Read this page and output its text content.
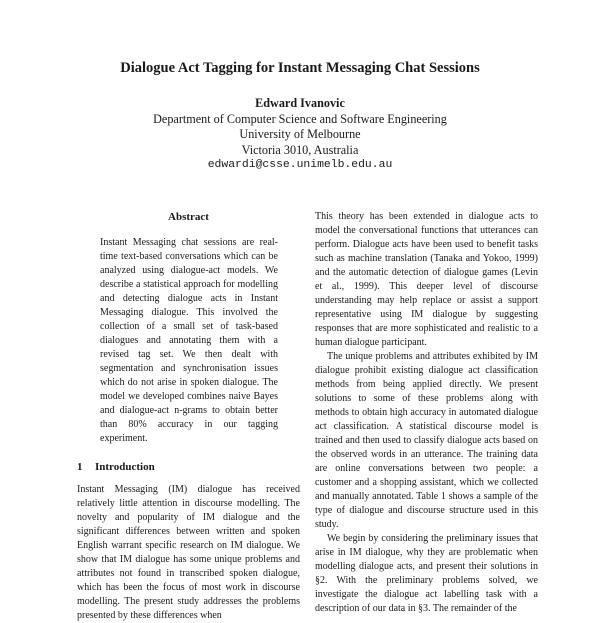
Dialogue Act Tagging for Instant Messaging Chat Sessions
Edward Ivanovic
Department of Computer Science and Software Engineering
University of Melbourne
Victoria 3010, Australia
edwardi@csse.unimelb.edu.au
Abstract

Instant Messaging chat sessions are real-time text-based conversations which can be analyzed using dialogue-act models. We describe a statistical approach for modelling and detecting dialogue acts in Instant Messaging dialogue. This involved the collection of a small set of task-based dialogues and annotating them with a revised tag set. We then dealt with segmentation and synchronisation issues which do not arise in spoken dialogue. The model we developed combines naive Bayes and dialogue-act n-grams to obtain better than 80% accuracy in our tagging experiment.

1 Introduction

Instant Messaging (IM) dialogue has received relatively little attention in discourse modelling. The novelty and popularity of IM dialogue and the significant differences between written and spoken English warrant specific research on IM dialogue. We show that IM dialogue has some unique problems and attributes not found in transcribed spoken dialogue, which has been the focus of most work in discourse modelling. The present study addresses the problems presented by these differences when

This theory has been extended in dialogue acts to model the conversational functions that utterances can perform. Dialogue acts have been used to benefit tasks such as machine translation (Tanaka and Yokoo, 1999) and the automatic detection of dialogue games (Levin et al., 1999). This deeper level of discourse understanding may help replace or assist a support representative using IM dialogue by suggesting responses that are more sophisticated and realistic to a human dialogue participant.

The unique problems and attributes exhibited by IM dialogue prohibit existing dialogue act classification methods from being applied directly. We present solutions to some of these problems along with methods to obtain high accuracy in automated dialogue act classification. A statistical discourse model is trained and then used to classify dialogue acts based on the observed words in an utterance. The training data are online conversations between two people: a customer and a shopping assistant, which we collected and manually annotated. Table 1 shows a sample of the type of dialogue and discourse structure used in this study.

We begin by considering the preliminary issues that arise in IM dialogue, why they are problematic when modelling dialogue acts, and present their solutions in §2. With the preliminary problems solved, we investigate the dialogue act labelling task with a description of our data in §3. The remainder of the
